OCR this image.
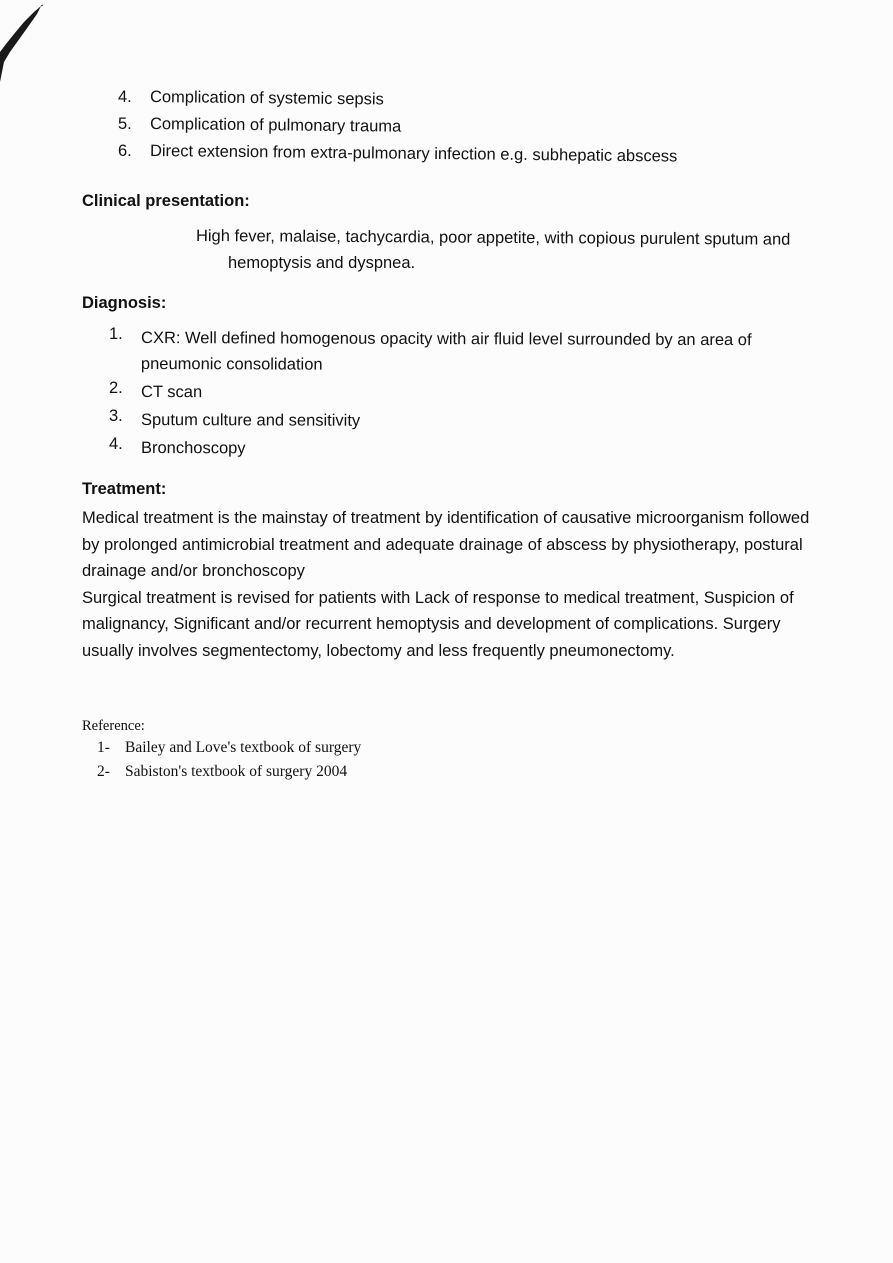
4. Complication of systemic sepsis
5. Complication of pulmonary trauma
6. Direct extension from extra-pulmonary infection e.g. subhepatic abscess
Clinical presentation:
High fever, malaise, tachycardia, poor appetite, with copious purulent sputum and
hemoptysis and dyspnea.
Diagnosis:
1. CXR: Well defined homogenous opacity with air fluid level surrounded by an area of pneumonic consolidation
2. CT scan
3. Sputum culture and sensitivity
4. Bronchoscopy
Treatment:

Medical treatment is the mainstay of treatment by identification of causative microorganism followed by prolonged antimicrobial treatment and adequate drainage of abscess by physiotherapy, postural drainage and/or bronchoscopy

Surgical treatment is revised for patients with Lack of response to medical treatment, Suspicion of malignancy, Significant and/or recurrent hemoptysis and development of complications. Surgery usually involves segmentectomy, lobectomy and less frequently pneumonectomy.

Reference:
1- Bailey and Love's textbook of surgery
2- Sabiston's textbook of surgery 2004
